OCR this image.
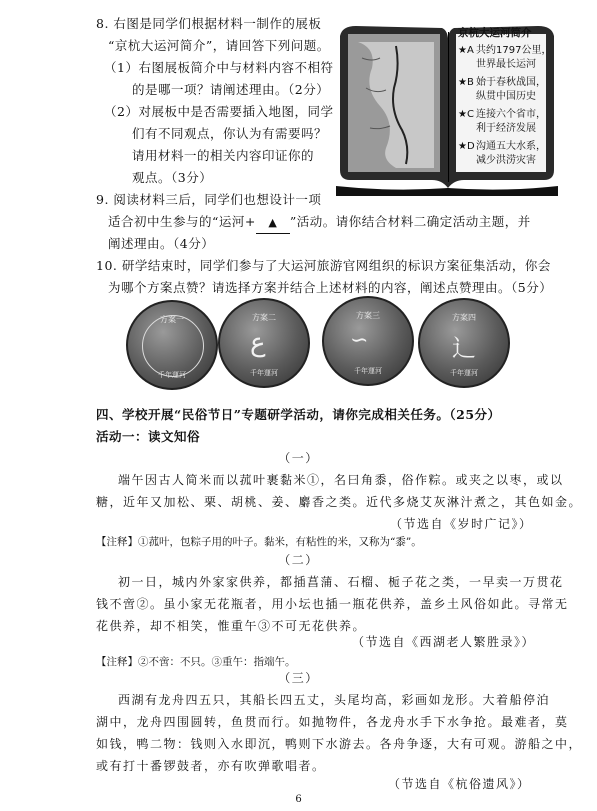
8. 右图是同学们根据材料一制作的展板
“京杭大运河简介”，请回答下列问题。
（1）右图展板简介中与材料内容不相符
的是哪一项？请阐述理由。（2分）
（2）对展板中是否需要插入地图，同学
们有不同观点，你认为有需要吗？
请用材料一的相关内容印证你的
观点。（3分）
京杭大运河简介
★A 共约1797公里，
世界最长运河
★B 始于春秋战国，
纵贯中国历史
★C 连接六个省市，
利于经济发展
★D 沟通五大水系，
减少洪涝灾害
9. 阅读材料三后，同学们也想设计一项
适合初中生参与的“运河+ ▲ ”活动。请你结合材料二确定活动主题，并
阐述理由。（4分）
10. 研学结束时，同学们参与了大运河旅游官网组织的标识方案征集活动，你会
为哪个方案点赞？请选择方案并结合上述材料的内容，阐述点赞理由。（5分）
方案一
千年運河
方案二
ع
千年運河
方案三
∽
千年運河
方案四
辶
千年運河
四、学校开展“民俗节日”专题研学活动，请你完成相关任务。（25分）
活动一：读文知俗
（一）
端午因古人简米而以菰叶裹黏米①，名曰角黍，俗作粽。或夹之以枣，或以
糖，近年又加松、栗、胡桃、姜、麝香之类。近代多烧艾灰淋汁煮之，其色如金。
（节选自《岁时广记》）
【注释】①菰叶，包粽子用的叶子。黏米，有粘性的米，又称为“黍”。
（二）
初一日，城内外家家供养，都插菖蒲、石榴、栀子花之类，一早卖一万贯花
钱不啻②。虽小家无花瓶者，用小坛也插一瓶花供养，盖乡土风俗如此。寻常无
花供养，却不相笑，惟重午③不可无花供养。
（节选自《西湖老人繁胜录》）
【注释】②不啻：不只。③重午：指端午。
（三）
西湖有龙舟四五只，其船长四五丈，头尾均高，彩画如龙形。大着船停泊
湖中，龙舟四围圆转，鱼贯而行。如抛物件，各龙舟水手下水争抢。最难者，莫
如钱，鸭二物：钱则入水即沉，鸭则下水游去。各舟争逐，大有可观。游船之中，
或有打十番锣鼓者，亦有吹弹歌唱者。
（节选自《杭俗遗风》）
6
